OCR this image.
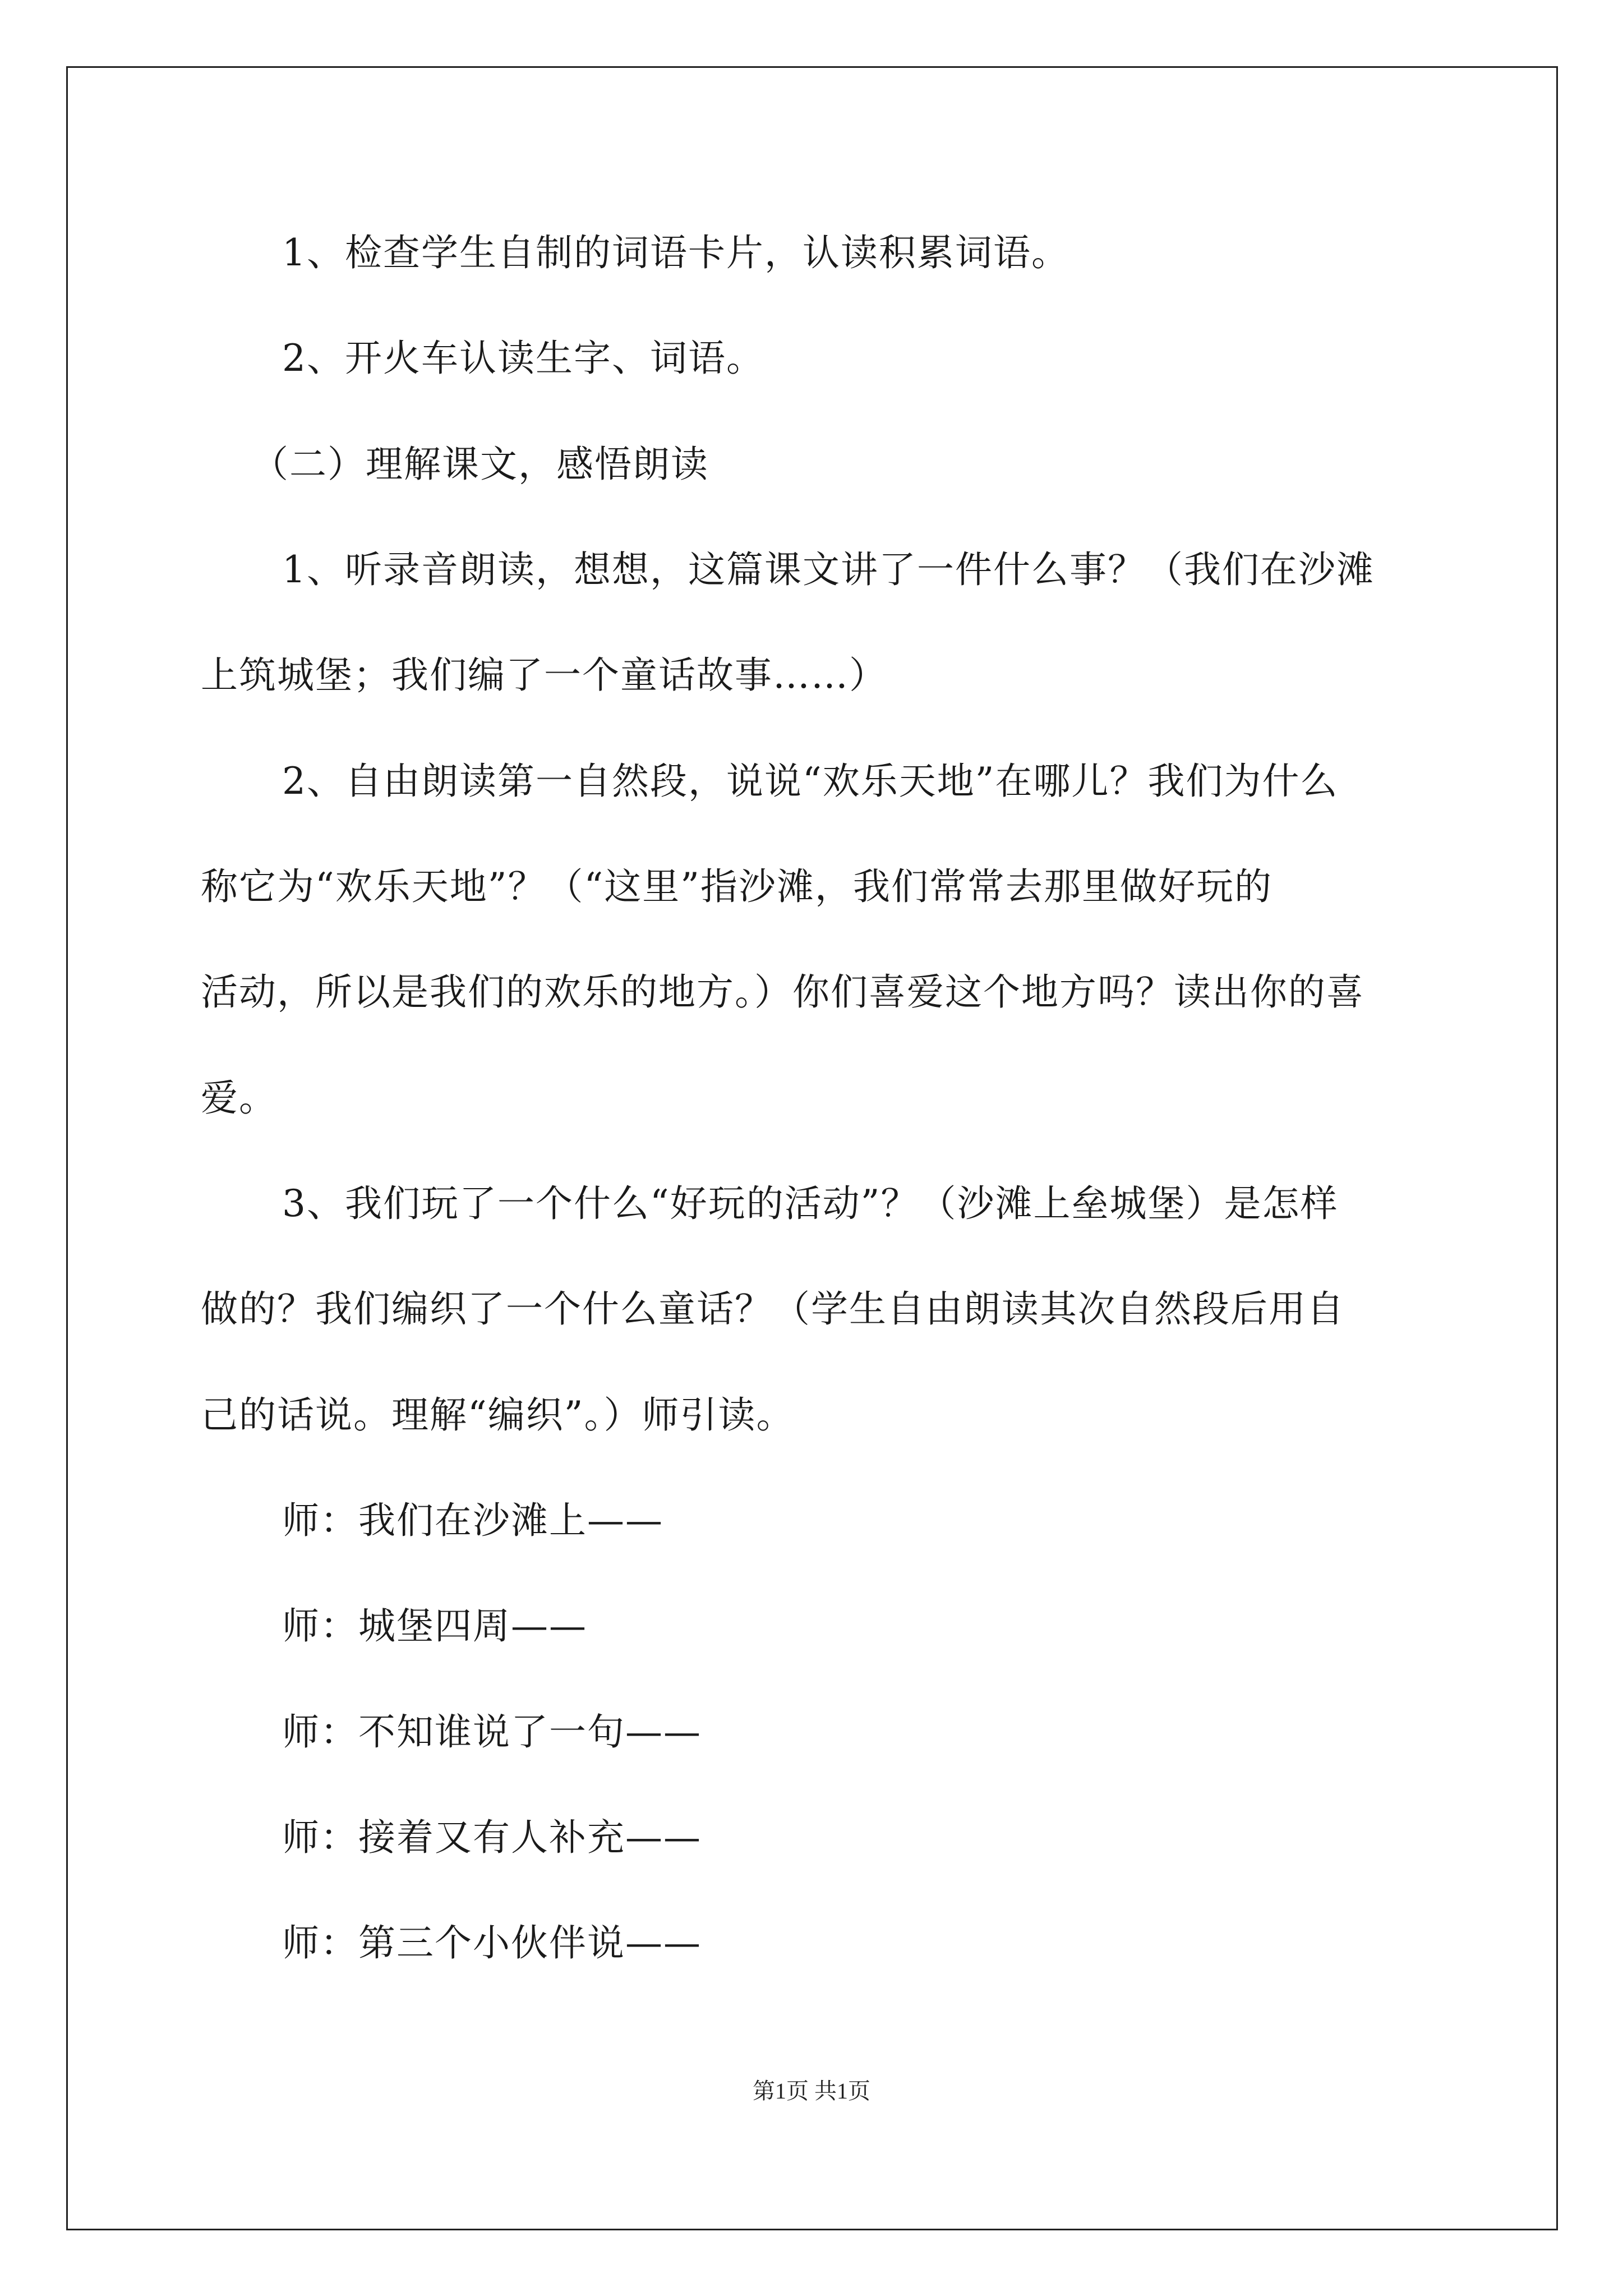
1、检查学生自制的词语卡片，认读积累词语。
2、开火车认读生字、词语。
（二）理解课文，感悟朗读
1、听录音朗读，想想，这篇课文讲了一件什么事？（我们在沙滩
上筑城堡；我们编了一个童话故事……）
2、自由朗读第一自然段，说说“欢乐天地”在哪儿？我们为什么
称它为“欢乐天地”？（“这里”指沙滩，我们常常去那里做好玩的
活动，所以是我们的欢乐的地方。）你们喜爱这个地方吗？读出你的喜
爱。
3、我们玩了一个什么“好玩的活动”？（沙滩上垒城堡）是怎样
做的？我们编织了一个什么童话？（学生自由朗读其次自然段后用自
己的话说。理解“编织”。）师引读。
师：我们在沙滩上——
师：城堡四周——
师：不知谁说了一句——
师：接着又有人补充——
师：第三个小伙伴说——
第1页 共1页
